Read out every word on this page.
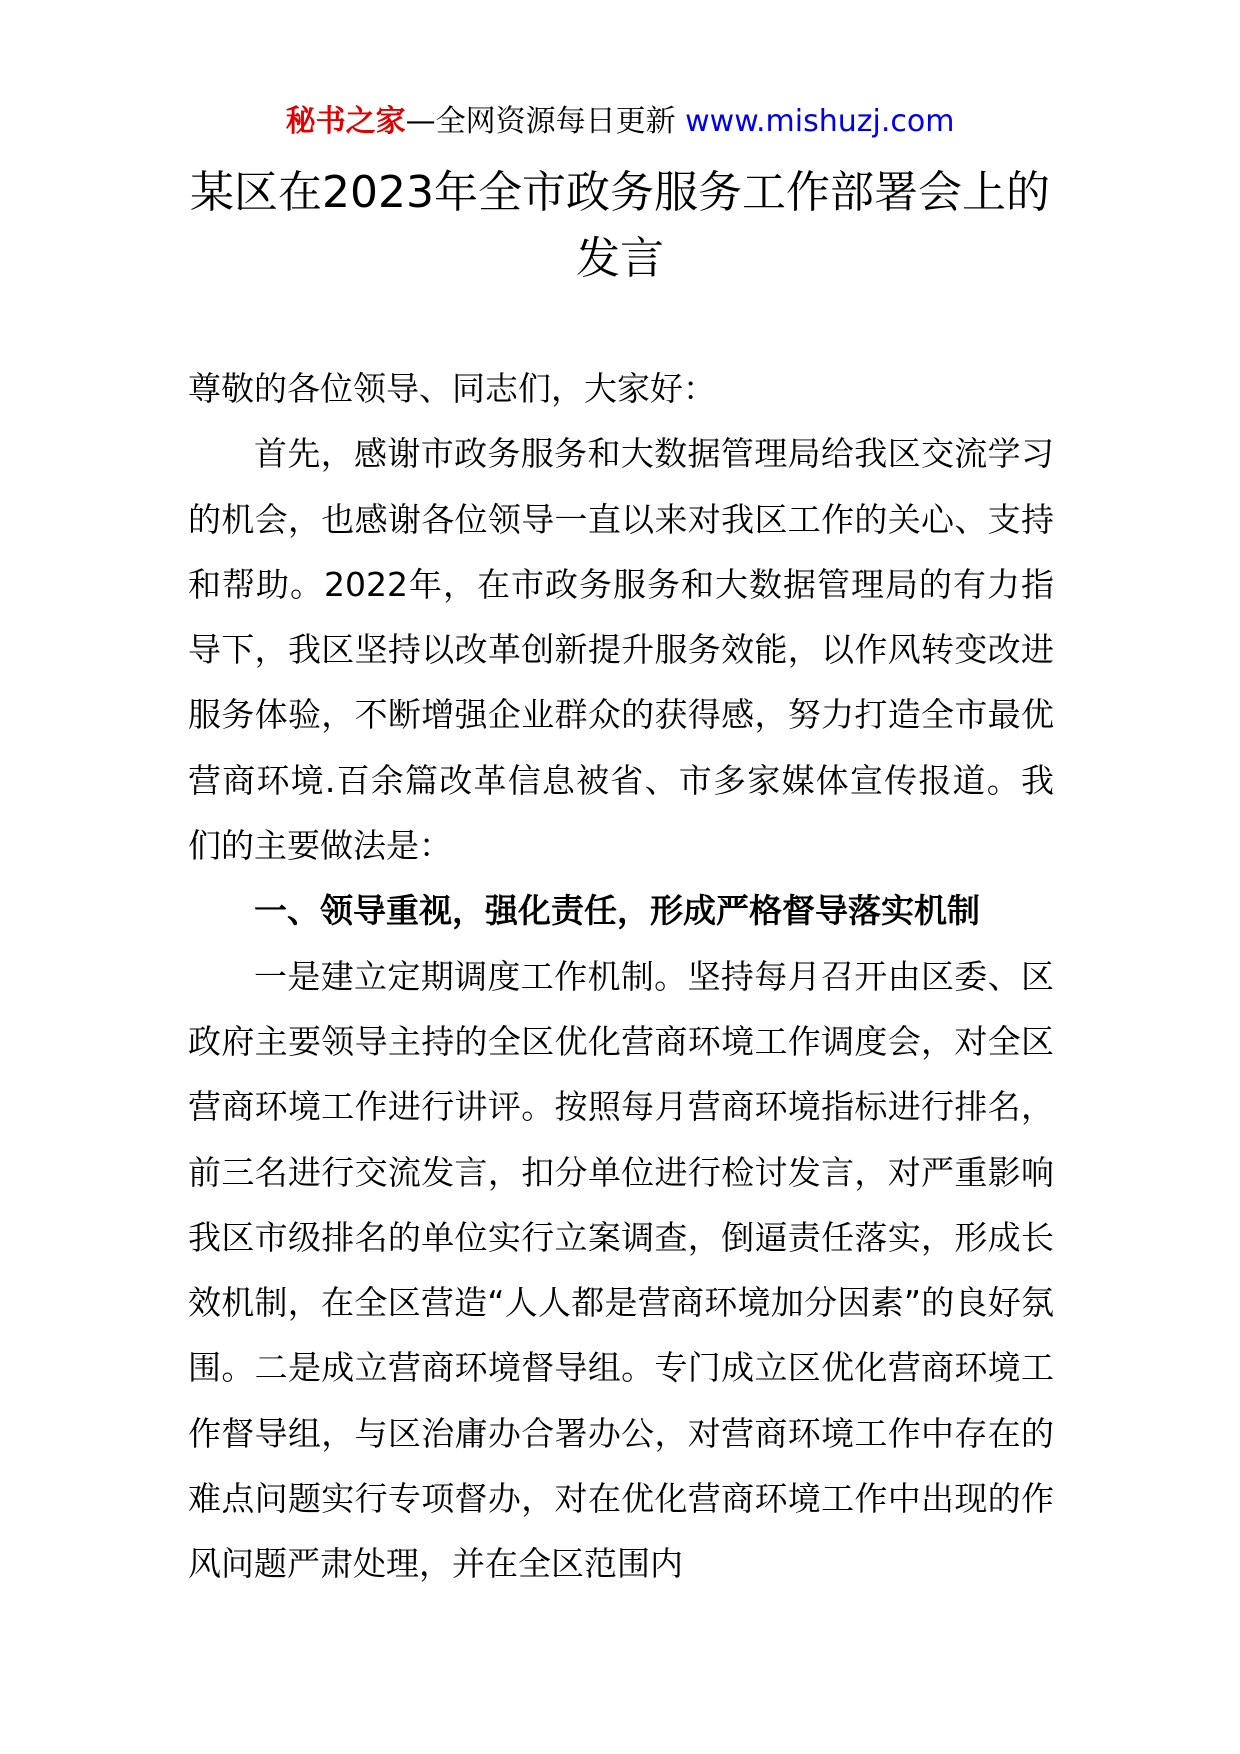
秘书之家—全网资源每日更新 www.mishuzj.com
某区在2023年全市政务服务工作部署会上的发言

尊敬的各位领导、同志们，大家好：

首先，感谢市政务服务和大数据管理局给我区交流学习的机会，也感谢各位领导一直以来对我区工作的关心、支持和帮助。2022年，在市政务服务和大数据管理局的有力指导下，我区坚持以改革创新提升服务效能，以作风转变改进服务体验，不断增强企业群众的获得感，努力打造全市最优营商环境.百余篇改革信息被省、市多家媒体宣传报道。我们的主要做法是：

一、领导重视，强化责任，形成严格督导落实机制

一是建立定期调度工作机制。坚持每月召开由区委、区政府主要领导主持的全区优化营商环境工作调度会，对全区营商环境工作进行讲评。按照每月营商环境指标进行排名，前三名进行交流发言，扣分单位进行检讨发言，对严重影响我区市级排名的单位实行立案调查，倒逼责任落实，形成长效机制，在全区营造“人人都是营商环境加分因素”的良好氛围。二是成立营商环境督导组。专门成立区优化营商环境工作督导组，与区治庸办合署办公，对营商环境工作中存在的难点问题实行专项督办，对在优化营商环境工作中出现的作风问题严肃处理，并在全区范围内
